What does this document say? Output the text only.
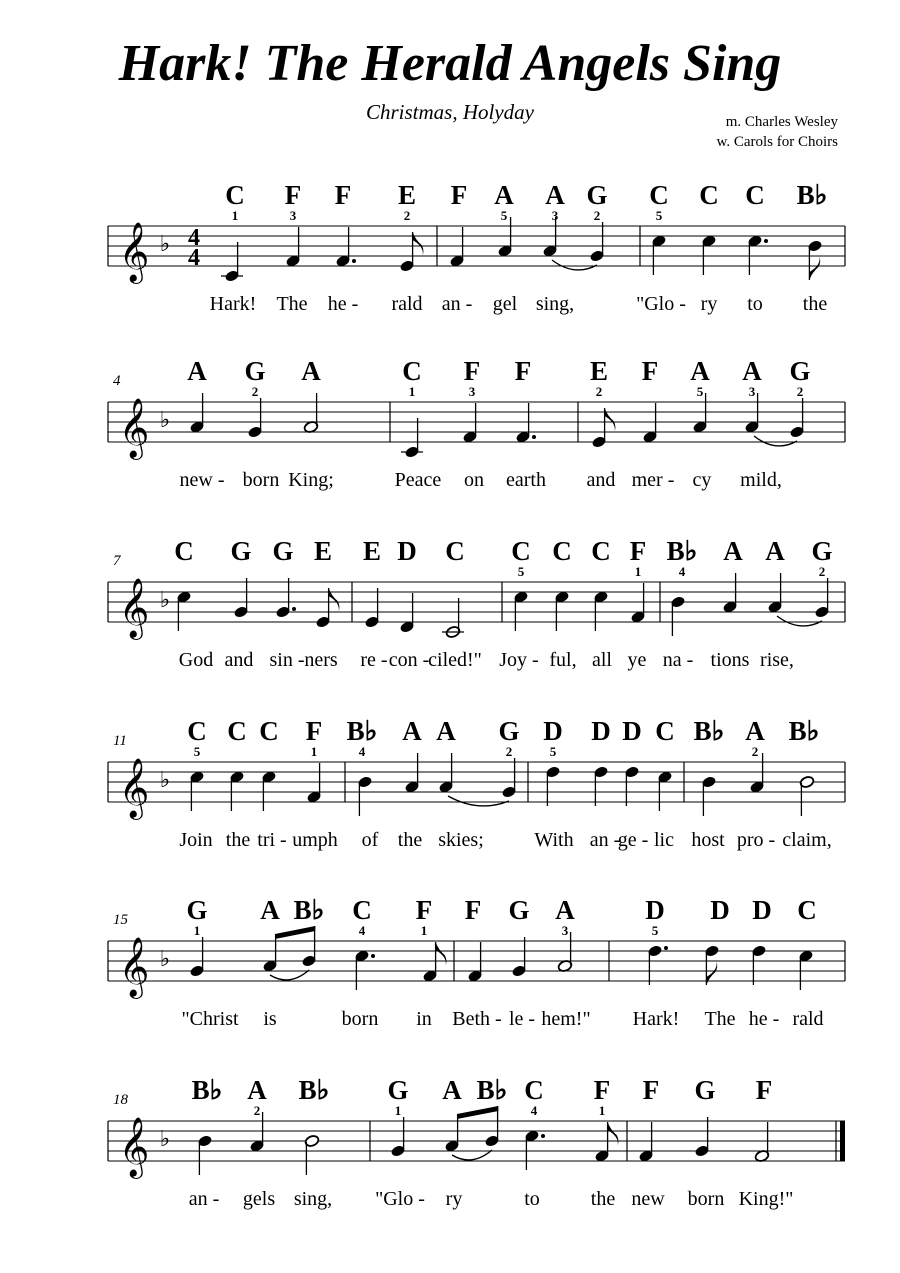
Hark! The Herald Angels Sing
Christmas, Holyday	m. Charles Wesley
w. Carols for Choirs
𝄞 ♭ 4
4
C F F E F A A G C C C B♭
1	3	2	5	3	2	5
Hark! The he - rald an - gel sing,	"Glo - ry to the
𝄞 ♭
4 A G A	C F F E F A A G
2	1	3	2	5	3	2
new - born King;	Peace on earth and mer - cy mild,
𝄞 ♭
7 C G G E E D C C C C F B♭ A A G
5	1	4	2
God and sin - ners re - con -
ciled!" Joy - ful, all ye na - tions rise,
𝄞 ♭
11 C C C F B♭ A A G D D D C B♭ A B♭
5	1	4	2	5	2
Join the tri - umph of the skies;	With an -
ge - lic host pro - claim,
𝄞 ♭
15 G A B♭ C F F G A	D D D C
1	4	1	3	5
"Christ is	born in Beth - le - hem!" Hark! The he - rald
𝄞 ♭
18 B♭ A B♭ G A B♭ C F F G F
2	1	4	1
an - gels sing, "Glo - ry	to	the new born King!"
